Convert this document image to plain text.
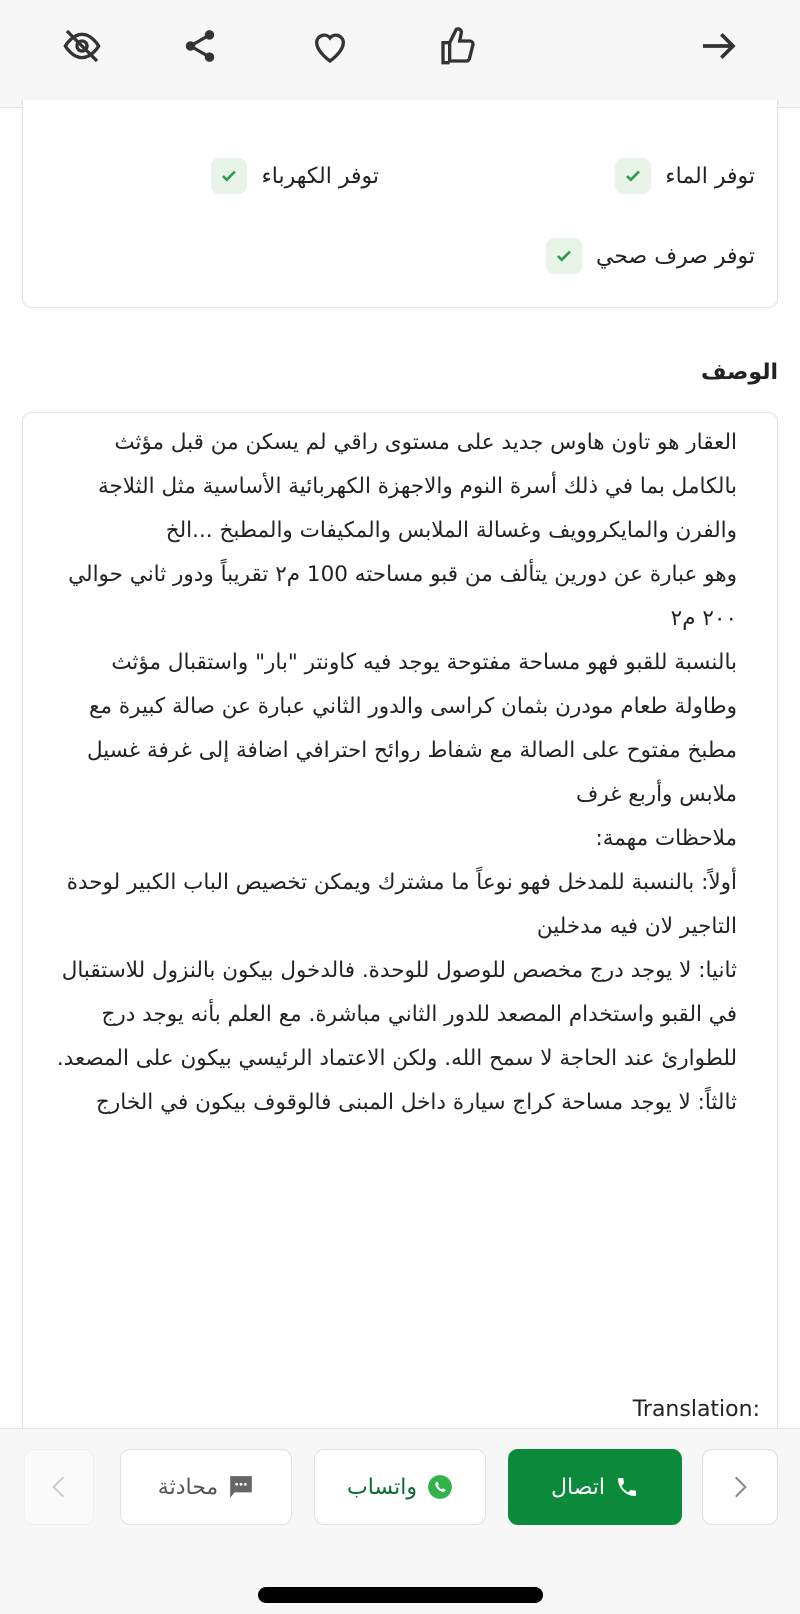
توفر الماء
توفر الكهرباء
توفر صرف صحي
الوصف

العقار هو تاون هاوس جديد على مستوى راقي لم يسكن من قبل مؤثث بالكامل بما في ذلك أسرة النوم والاجهزة الكهربائية الأساسية مثل الثلاجة والفرن والمايكروويف وغسالة الملابس والمكيفات والمطبخ ...الخ

وهو عبارة عن دورين يتألف من قبو مساحته 100 م٢ تقريباً ودور ثاني حوالي ٢٠٠ م٢

بالنسبة للقبو فهو مساحة مفتوحة يوجد فيه كاونتر "بار" واستقبال مؤثث وطاولة طعام مودرن بثمان كراسى والدور الثاني عبارة عن صالة كبيرة مع مطبخ مفتوح على الصالة مع شفاط روائح احترافي اضافة إلى غرفة غسيل ملابس وأربع غرف

ملاحظات مهمة:

أولاً: بالنسبة للمدخل فهو نوعاً ما مشترك ويمكن تخصيص الباب الكبير لوحدة التاجير لان فيه مدخلين

ثانيا: لا يوجد درج مخصص للوصول للوحدة. فالدخول بيكون بالنزول للاستقبال في القبو واستخدام المصعد للدور الثاني مباشرة. مع العلم بأنه يوجد درج للطوارئ عند الحاجة لا سمح الله. ولكن الاعتماد الرئيسي بيكون على المصعد.

ثالثاً: لا يوجد مساحة كراج سيارة داخل المبنى فالوقوف بيكون في الخارج

Translation:
اتصال
واتساب
محادثة
